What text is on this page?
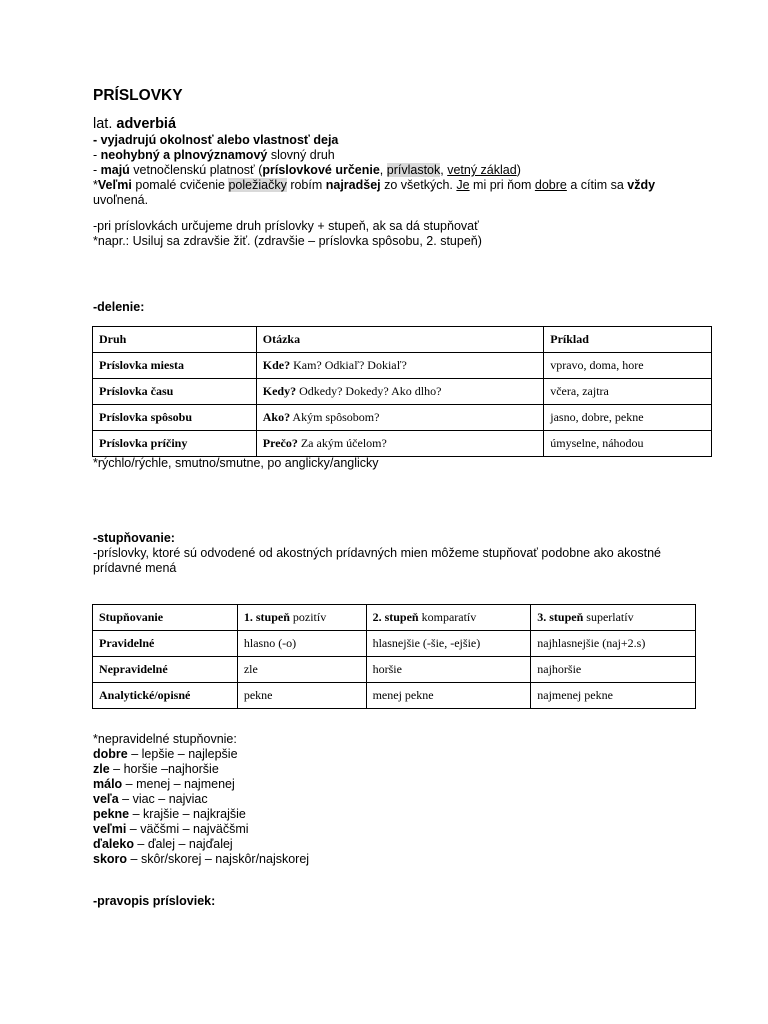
PRÍSLOVKY
lat. adverbiá
- vyjadrujú okolnosť alebo vlastnosť deja
- neohybný a plnovýznamový slovný druh
- majú vetnočlenskú platnosť (príslovkové určenie, prívlastok, vetný základ)
*Veľmi pomalé cvičenie poležiačky robím najradšej zo všetkých. Je mi pri ňom dobre a cítim sa vždy
uvoľnená.
-pri príslovkách určujeme druh príslovky + stupeň, ak sa dá stupňovať
*napr.: Usiluj sa zdravšie žiť. (zdravšie – príslovka spôsobu, 2. stupeň)
-delenie:
Druh	Otázka	Príklad
Príslovka miesta	Kde? Kam? Odkiaľ? Dokiaľ?	vpravo, doma, hore
Príslovka času	Kedy? Odkedy? Dokedy? Ako dlho?	včera, zajtra
Príslovka spôsobu	Ako? Akým spôsobom?	jasno, dobre, pekne
Príslovka príčiny	Prečo? Za akým účelom?	úmyselne, náhodou
*rýchlo/rýchle, smutno/smutne, po anglicky/anglicky
-stupňovanie:
-príslovky, ktoré sú odvodené od akostných prídavných mien môžeme stupňovať podobne ako akostné
prídavné mená
Stupňovanie	1. stupeň pozitív	2. stupeň komparatív	3. stupeň superlatív
Pravidelné	hlasno (-o)	hlasnejšie (-šie, -ejšie)	najhlasnejšie (naj+2.s)
Nepravidelné	zle	horšie	najhoršie
Analytické/opisné	pekne	menej pekne	najmenej pekne
*nepravidelné stupňovnie:
dobre – lepšie – najlepšie
zle – horšie –najhoršie
málo – menej – najmenej
veľa – viac – najviac
pekne – krajšie – najkrajšie
veľmi – väčšmi – najväčšmi
ďaleko – ďalej – najďalej
skoro – skôr/skorej – najskôr/najskorej
-pravopis prísloviek:
